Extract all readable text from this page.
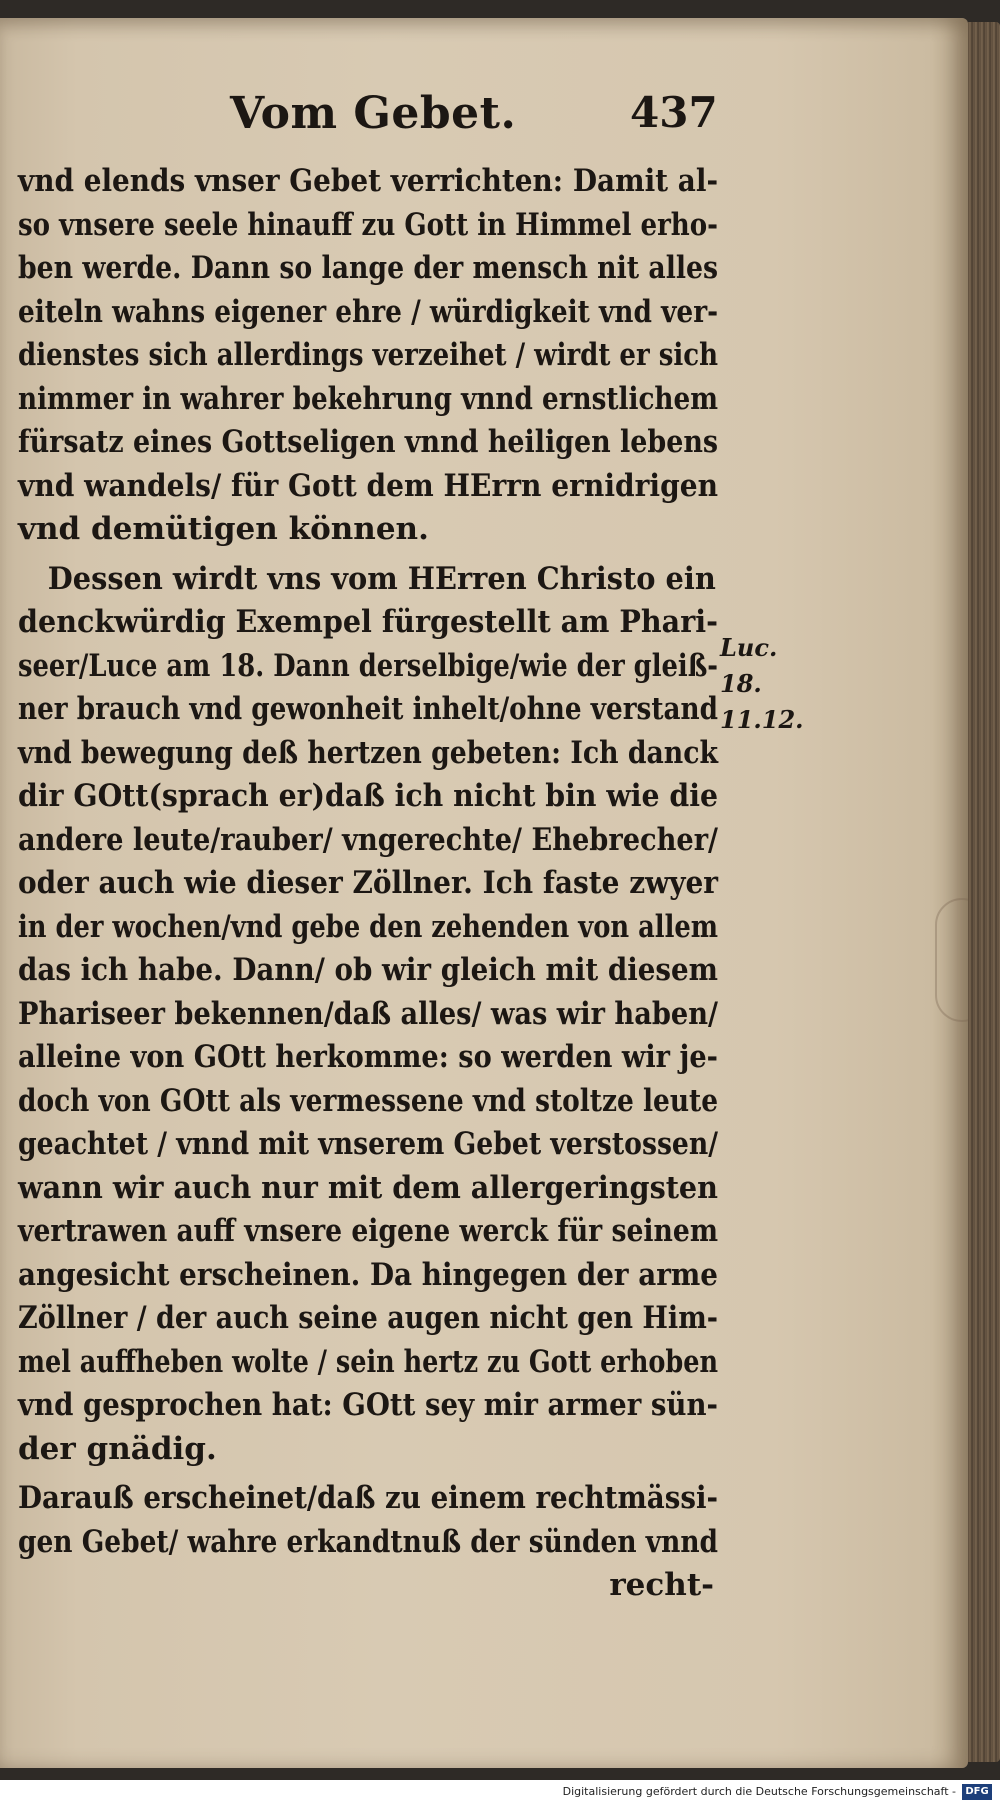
Vom Gebet.	437
vnd elends vnser Gebet verrichten: Damit al-
so vnsere seele hinauff zu Gott in Himmel erho-
ben werde. Dann so lange der mensch nit alles
eiteln wahns eigener ehre / würdigkeit vnd ver-
dienstes sich allerdings verzeihet / wirdt er sich
nimmer in wahrer bekehrung vnnd ernstlichem
fürsatz eines Gottseligen vnnd heiligen lebens
vnd wandels/ für Gott dem HErrn ernidrigen
vnd demütigen können.
Dessen wirdt vns vom HErren Christo ein
denckwürdig Exempel fürgestellt am Phari-
seer/Luce am 18. Dann derselbige/wie der gleiß-
ner brauch vnd gewonheit inhelt/ohne verstand
vnd bewegung deß hertzen gebeten: Ich danck
dir GOtt(sprach er)daß ich nicht bin wie die
andere leute/rauber/ vngerechte/ Ehebrecher/
oder auch wie dieser Zöllner. Ich faste zwyer
in der wochen/vnd gebe den zehenden von allem
das ich habe. Dann/ ob wir gleich mit diesem
Phariseer bekennen/daß alles/ was wir haben/
alleine von GOtt herkomme: so werden wir je-
doch von GOtt als vermessene vnd stoltze leute
geachtet / vnnd mit vnserem Gebet verstossen/
wann wir auch nur mit dem allergeringsten
vertrawen auff vnsere eigene werck für seinem
angesicht erscheinen. Da hingegen der arme
Zöllner / der auch seine augen nicht gen Him-
mel auffheben wolte / sein hertz zu Gott erhoben
vnd gesprochen hat: GOtt sey mir armer sün-
der gnädig.
Darauß erscheinet/daß zu einem rechtmässi-
gen Gebet/ wahre erkandtnuß der sünden vnnd
recht-
Luc. 18.
11.12.
Digitalisierung gefördert durch die Deutsche Forschungsgemeinschaft - DFG
